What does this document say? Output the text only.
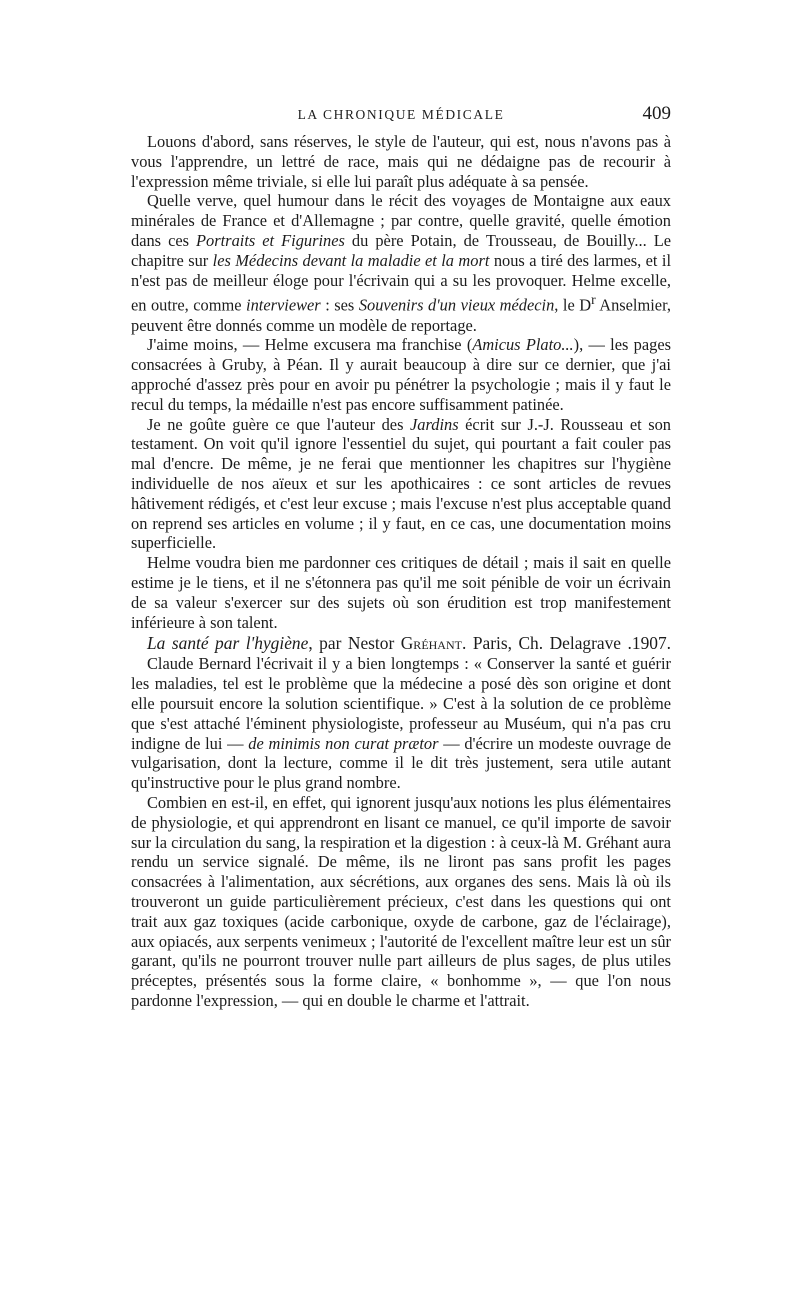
LA CHRONIQUE MÉDICALE	409

Louons d'abord, sans réserves, le style de l'auteur, qui est, nous n'avons pas à vous l'apprendre, un lettré de race, mais qui ne dédaigne pas de recourir à l'expression même triviale, si elle lui paraît plus adéquate à sa pensée.

Quelle verve, quel humour dans le récit des voyages de Montaigne aux eaux minérales de France et d'Allemagne ; par contre, quelle gravité, quelle émotion dans ces Portraits et Figurines du père Potain, de Trousseau, de Bouilly... Le chapitre sur les Médecins devant la maladie et la mort nous a tiré des larmes, et il n'est pas de meilleur éloge pour l'écrivain qui a su les provoquer. Helme excelle, en outre, comme interviewer : ses Souvenirs d'un vieux médecin, le $D^r$ Anselmier, peuvent être donnés comme un modèle de reportage.

J'aime moins, — Helme excusera ma franchise (Amicus Plato...), — les pages consacrées à Gruby, à Péan. Il y aurait beaucoup à dire sur ce dernier, que j'ai approché d'assez près pour en avoir pu pénétrer la psychologie ; mais il y faut le recul du temps, la médaille n'est pas encore suffisamment patinée.

Je ne goûte guère ce que l'auteur des Jardins écrit sur J.-J. Rousseau et son testament. On voit qu'il ignore l'essentiel du sujet, qui pourtant a fait couler pas mal d'encre. De même, je ne ferai que mentionner les chapitres sur l'hygiène individuelle de nos aïeux et sur les apothicaires : ce sont articles de revues hâtivement rédigés, et c'est leur excuse ; mais l'excuse n'est plus acceptable quand on reprend ses articles en volume ; il y faut, en ce cas, une documentation moins superficielle.

Helme voudra bien me pardonner ces critiques de détail ; mais il sait en quelle estime je le tiens, et il ne s'étonnera pas qu'il me soit pénible de voir un écrivain de sa valeur s'exercer sur des sujets où son érudition est trop manifestement inférieure à son talent.

La santé par l'hygiène, par Nestor Gréhant. Paris, Ch. Delagrave .1907.

Claude Bernard l'écrivait il y a bien longtemps : « Conserver la santé et guérir les maladies, tel est le problème que la médecine a posé dès son origine et dont elle poursuit encore la solution scientifique. » C'est à la solution de ce problème que s'est attaché l'éminent physiologiste, professeur au Muséum, qui n'a pas cru indigne de lui — de minimis non curat prætor — d'écrire un modeste ouvrage de vulgarisation, dont la lecture, comme il le dit très justement, sera utile autant qu'instructive pour le plus grand nombre.

Combien en est-il, en effet, qui ignorent jusqu'aux notions les plus élémentaires de physiologie, et qui apprendront en lisant ce manuel, ce qu'il importe de savoir sur la circulation du sang, la respiration et la digestion : à ceux-là M. Gréhant aura rendu un service signalé. De même, ils ne liront pas sans profit les pages consacrées à l'alimentation, aux sécrétions, aux organes des sens. Mais là où ils trouveront un guide particulièrement précieux, c'est dans les questions qui ont trait aux gaz toxiques (acide carbonique, oxyde de carbone, gaz de l'éclairage), aux opiacés, aux serpents venimeux ; l'autorité de l'excellent maître leur est un sûr garant, qu'ils ne pourront trouver nulle part ailleurs de plus sages, de plus utiles préceptes, présentés sous la forme claire, « bonhomme », — que l'on nous pardonne l'expression, — qui en double le charme et l'attrait.
